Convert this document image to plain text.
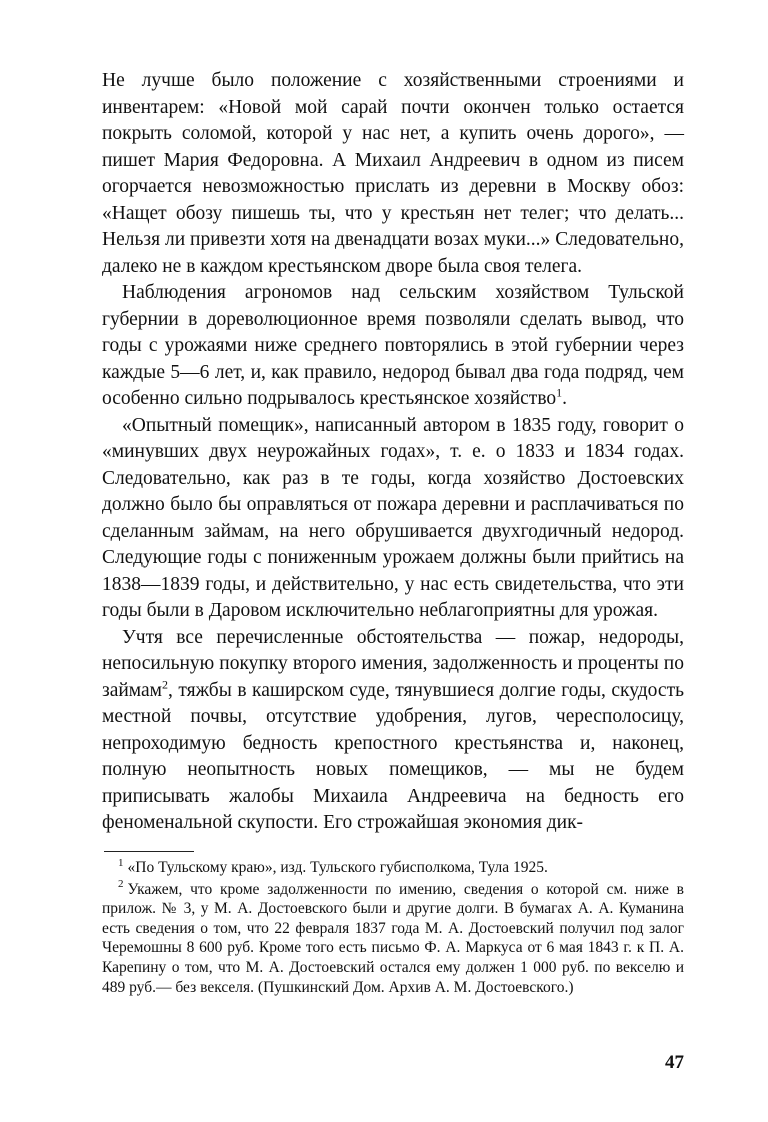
Не лучше было положение с хозяйственными строениями и инвентарем: «Новой мой сарай почти окончен только остается покрыть соломой, которой у нас нет, а купить очень дорого», — пишет Мария Федоровна. А Михаил Андреевич в одном из писем огорчается невозможностью прислать из деревни в Москву обоз: «Нащет обозу пишешь ты, что у крестьян нет телег; что делать... Нельзя ли привезти хотя на двенадцати возах муки...» Следовательно, далеко не в каждом крестьянском дворе была своя телега.

Наблюдения агрономов над сельским хозяйством Тульской губернии в дореволюционное время позволяли сделать вывод, что годы с урожаями ниже среднего повторялись в этой губернии через каждые 5—6 лет, и, как правило, недород бывал два года подряд, чем особенно сильно подрывалось крестьянское хозяйство$^1$.

«Опытный помещик», написанный автором в 1835 году, говорит о «минувших двух неурожайных годах», т. е. о 1833 и 1834 годах. Следовательно, как раз в те годы, когда хозяйство Достоевских должно было бы оправляться от пожара деревни и расплачиваться по сделанным займам, на него обрушивается двухгодичный недород. Следующие годы с пониженным урожаем должны были прийтись на 1838—1839 годы, и действительно, у нас есть свидетельства, что эти годы были в Даровом исключительно неблагоприятны для урожая.

Учтя все перечисленные обстоятельства — пожар, недороды, непосильную покупку второго имения, задолженность и проценты по займам$^2$, тяжбы в каширском суде, тянувшиеся долгие годы, скудость местной почвы, отсутствие удобрения, лугов, чересполосицу, непроходимую бедность крепостного крестьянства и, наконец, полную неопытность новых помещиков, — мы не будем приписывать жалобы Михаила Андреевича на бедность его феноменальной скупости. Его строжайшая экономия дик-

$^1$ «По Тульскому краю», изд. Тульского губисполкома, Тула 1925.

$^2$ Укажем, что кроме задолженности по имению, сведения о которой см. ниже в прилож. № 3, у М. А. Достоевского были и другие долги. В бумагах А. А. Куманина есть сведения о том, что 22 февраля 1837 года М. А. Достоевский получил под залог Черемошны 8 600 руб. Кроме того есть письмо Ф. А. Маркуса от 6 мая 1843 г. к П. А. Карепину о том, что М. А. Достоевский остался ему должен 1 000 руб. по векселю и 489 руб.— без векселя. (Пушкинский Дом. Архив А. М. Достоевского.)

47
